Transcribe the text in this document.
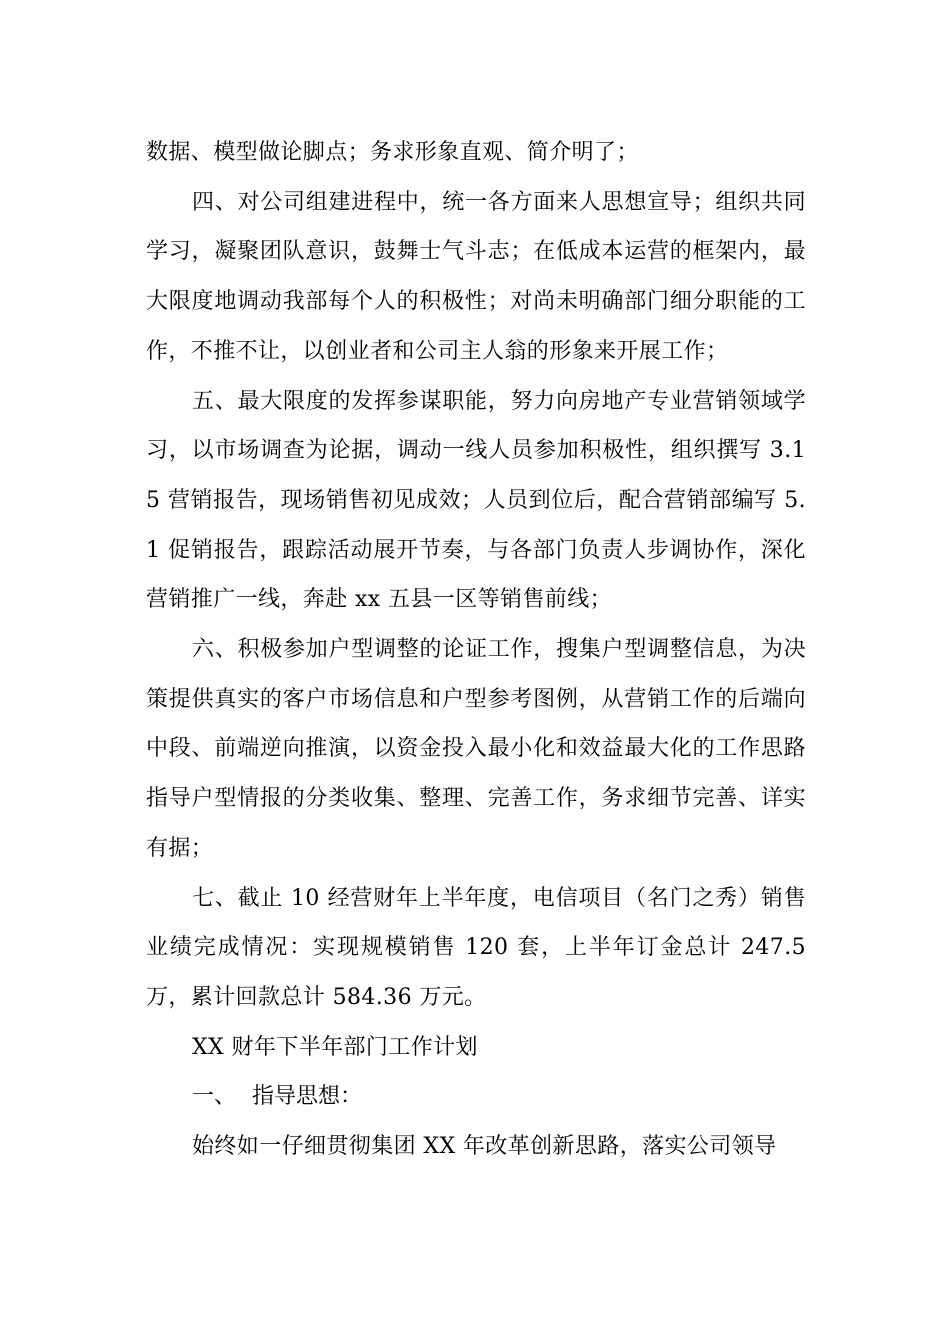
数据、模型做论脚点；务求形象直观、简介明了；

四、对公司组建进程中，统一各方面来人思想宣导；组织共同学习，凝聚团队意识，鼓舞士气斗志；在低成本运营的框架内，最大限度地调动我部每个人的积极性；对尚未明确部门细分职能的工作，不推不让，以创业者和公司主人翁的形象来开展工作；

五、最大限度的发挥参谋职能，努力向房地产专业营销领域学习，以市场调查为论据，调动一线人员参加积极性，组织撰写 3.15 营销报告，现场销售初见成效；人员到位后，配合营销部编写 5.1 促销报告，跟踪活动展开节奏，与各部门负责人步调协作，深化营销推广一线，奔赴 xx 五县一区等销售前线；

六、积极参加户型调整的论证工作，搜集户型调整信息，为决策提供真实的客户市场信息和户型参考图例，从营销工作的后端向中段、前端逆向推演，以资金投入最小化和效益最大化的工作思路指导户型情报的分类收集、整理、完善工作，务求细节完善、详实有据；

七、截止 10 经营财年上半年度，电信项目（名门之秀）销售业绩完成情况：实现规模销售 120 套，上半年订金总计 247.5 万，累计回款总计 584.36 万元。

XX 财年下半年部门工作计划

一、 指导思想：

始终如一仔细贯彻集团 XX 年改革创新思路，落实公司领导
